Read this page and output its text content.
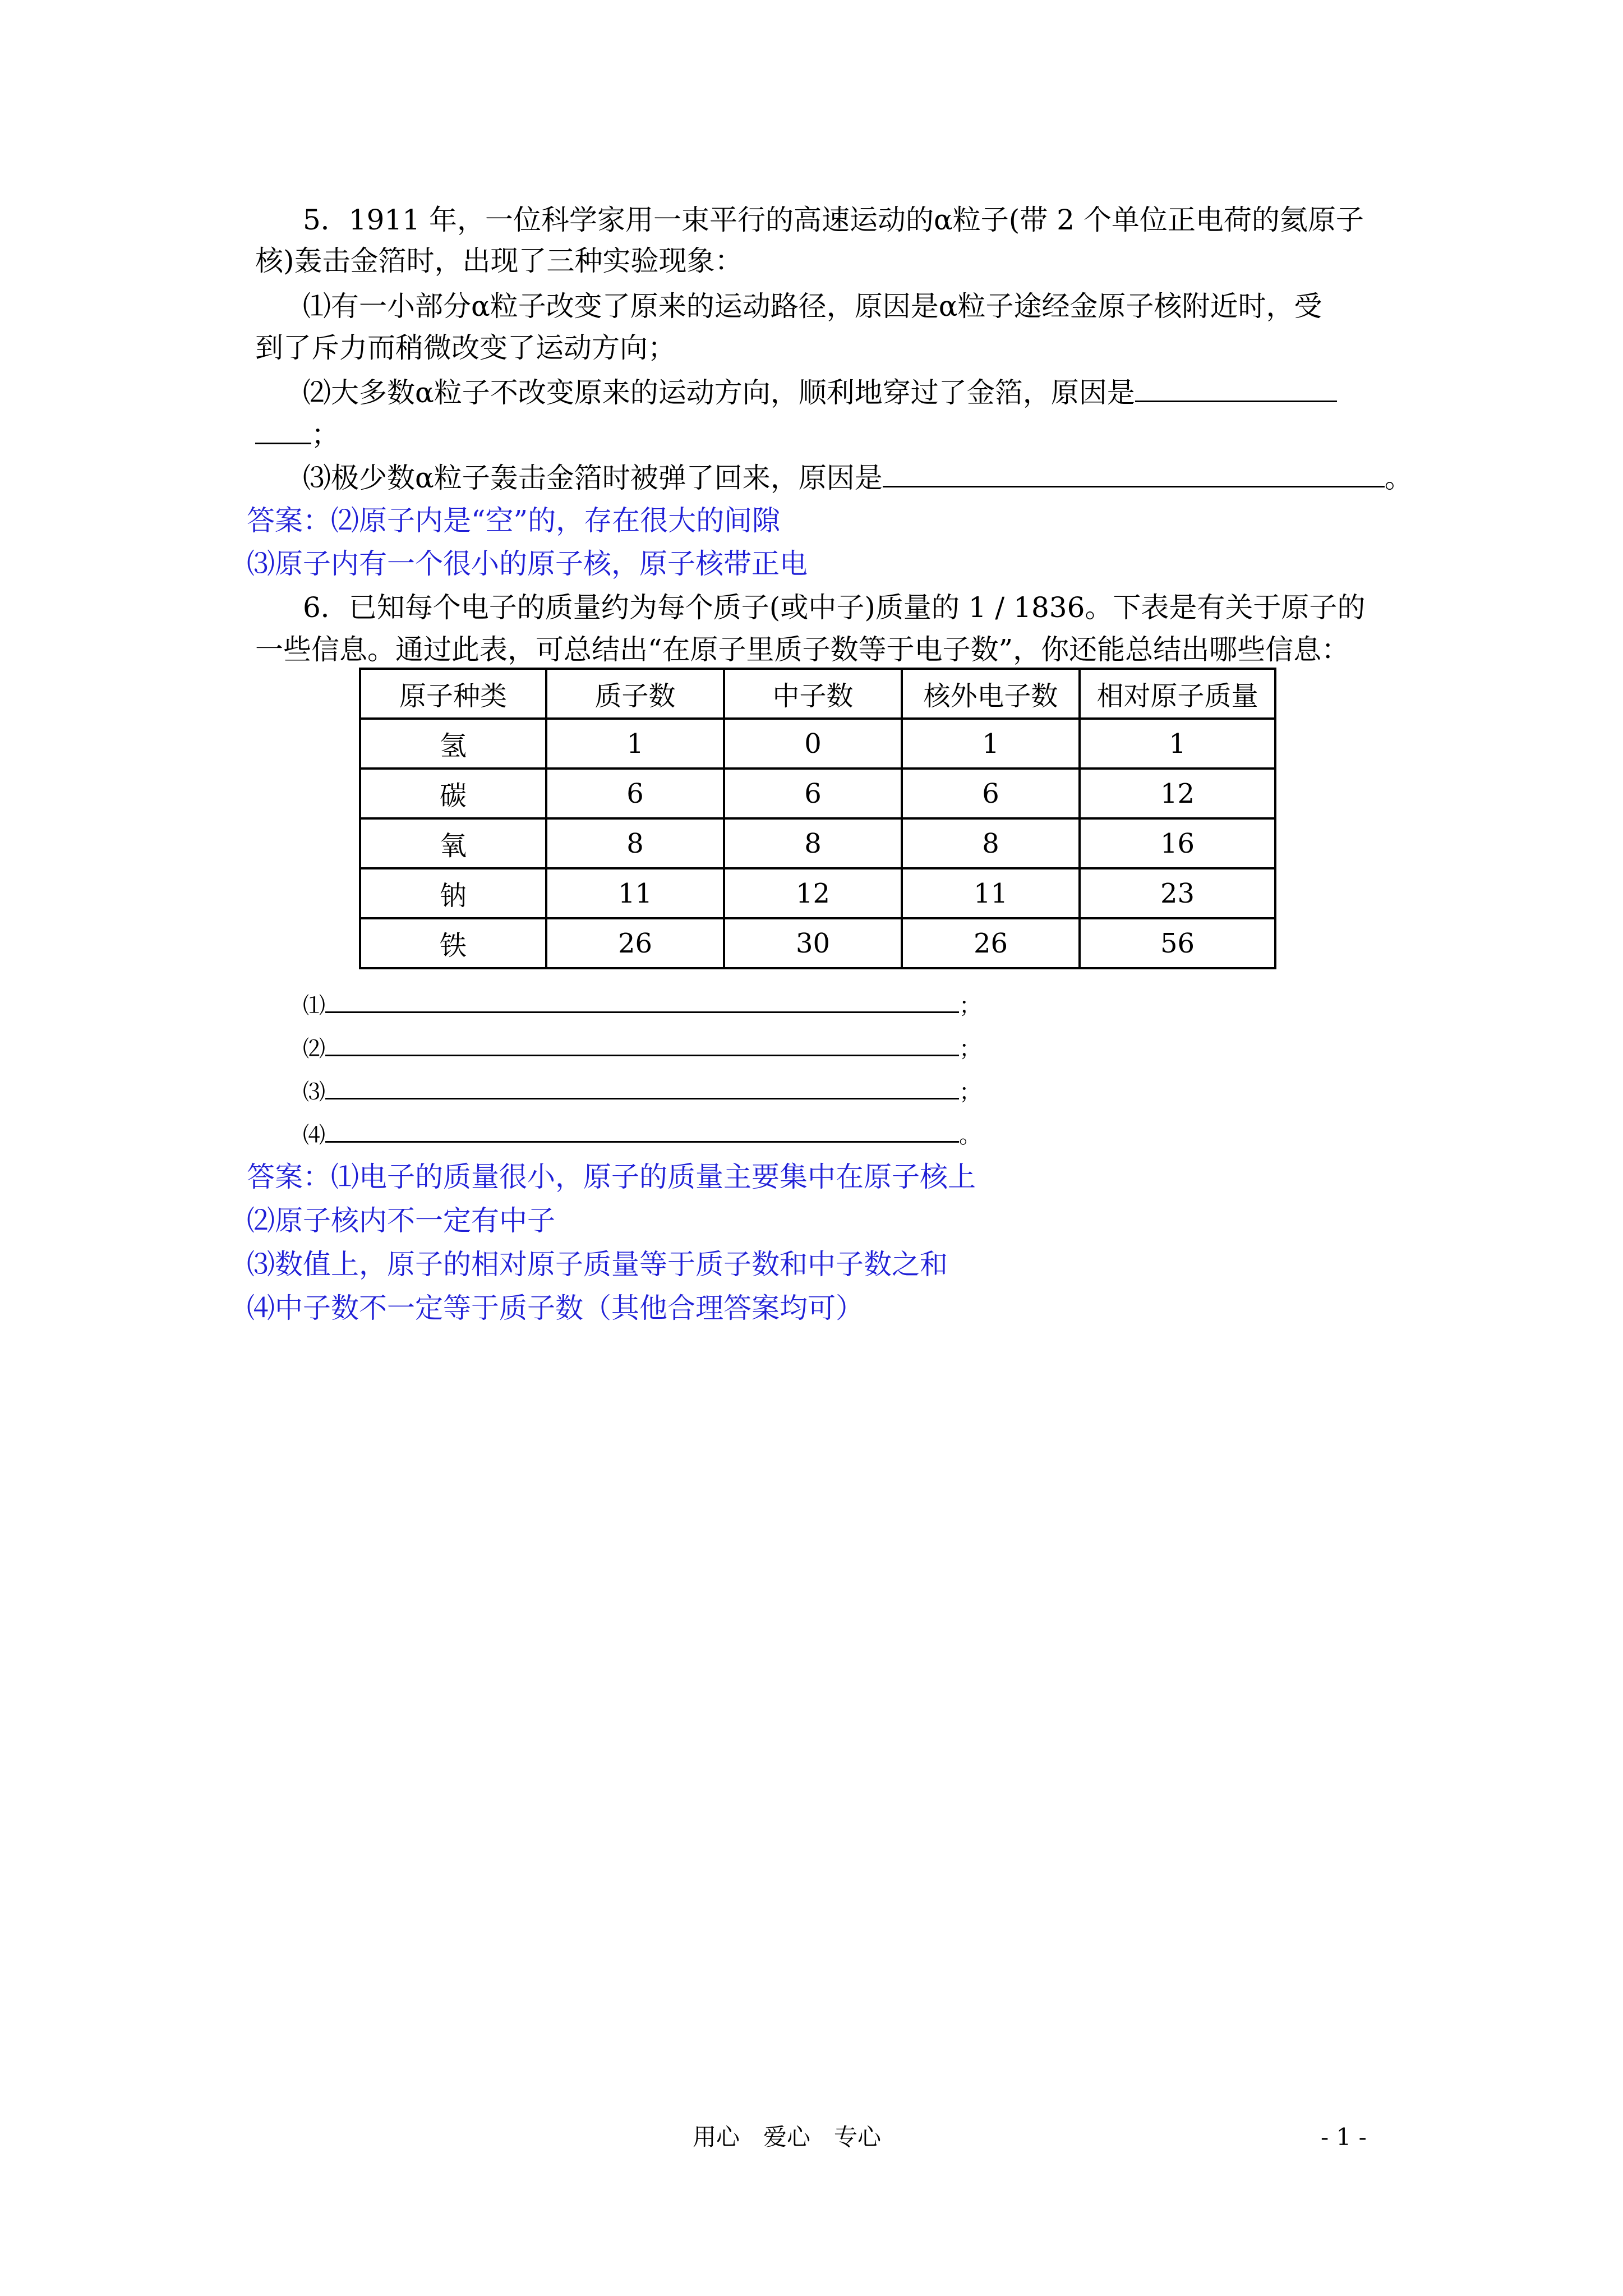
5．1911 年，一位科学家用一束平行的高速运动的α粒子(带 2 个单位正电荷的氦原子
核)轰击金箔时，出现了三种实验现象：
⑴有一小部分α粒子改变了原来的运动路径，原因是α粒子途经金原子核附近时，受
到了斥力而稍微改变了运动方向；
⑵大多数α粒子不改变原来的运动方向，顺利地穿过了金箔，原因是
；
⑶极少数α粒子轰击金箔时被弹了回来，原因是	。
答案：⑵原子内是“空”的，存在很大的间隙
⑶原子内有一个很小的原子核，原子核带正电
6．已知每个电子的质量约为每个质子(或中子)质量的 1 / 1836。下表是有关于原子的
一些信息。通过此表，可总结出“在原子里质子数等于电子数”，你还能总结出哪些信息：
原子种类	质子数	中子数	核外电子数	相对原子质量
氢	1	0	1	1
碳	6	6	6	12
氧	8	8	8	16
钠	11	12	11	23
铁	26	30	26	56
⑴	；
⑵	；
⑶	；
⑷	。
答案：⑴电子的质量很小，原子的质量主要集中在原子核上
⑵原子核内不一定有中子
⑶数值上，原子的相对原子质量等于质子数和中子数之和
⑷中子数不一定等于质子数（其他合理答案均可）
用心　爱心　专心	- 1 -
